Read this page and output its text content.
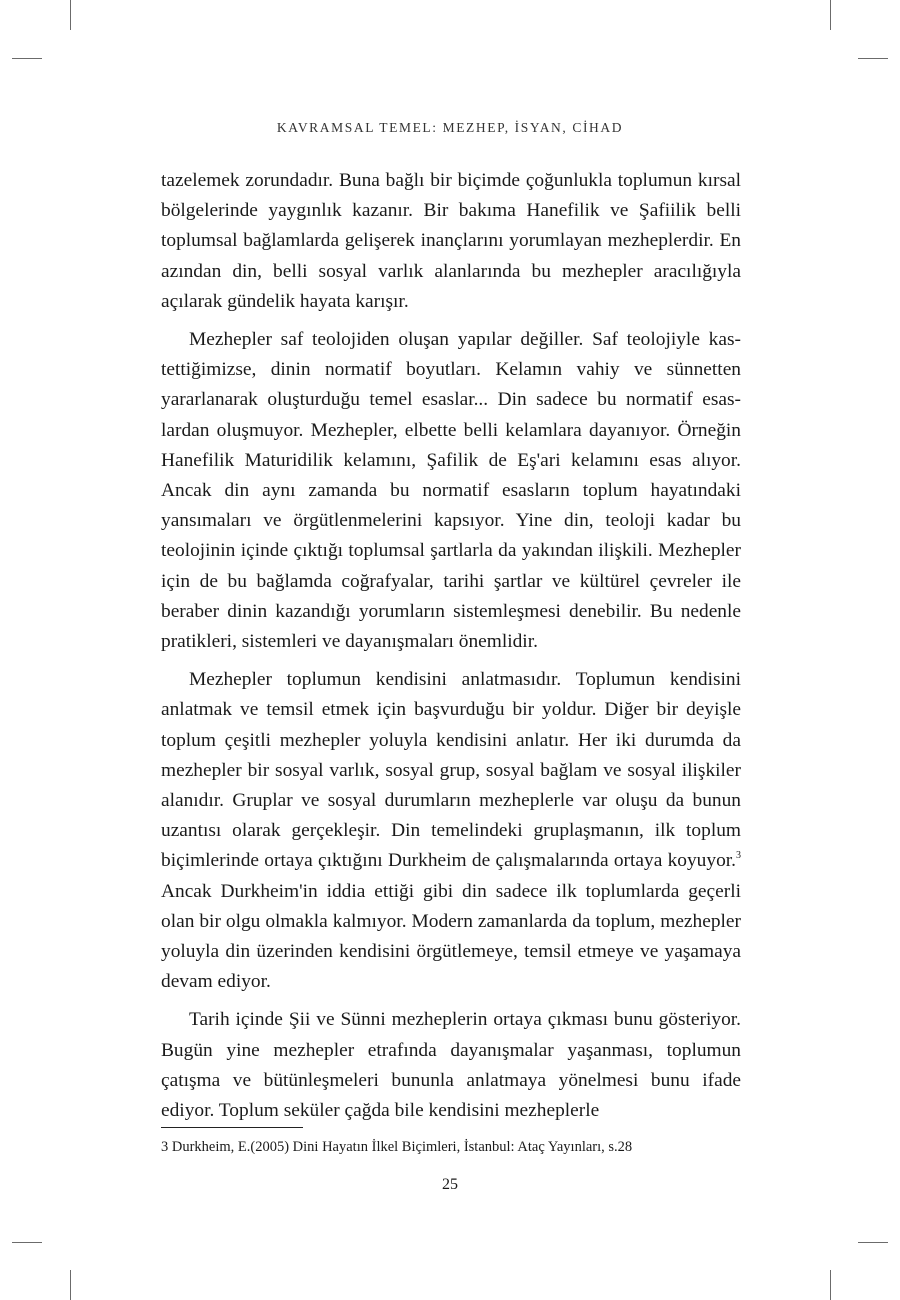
KAVRAMSAL TEMEL: MEZHEP, İSYAN, CİHAD

tazelemek zorundadır. Buna bağlı bir biçimde çoğunlukla toplumun kırsal bölgelerinde yaygınlık kazanır. Bir bakıma Hanefilik ve Şafiilik belli toplumsal bağlamlarda gelişerek inançlarını yorumlayan mezheplerdir. En azından din, belli sosyal varlık alanlarında bu mezhepler aracılığıyla açılarak gündelik hayata karışır.

Mezhepler saf teolojiden oluşan yapılar değiller. Saf teolojiyle kastettiğimizse, dinin normatif boyutları. Kelamın vahiy ve sünnetten yararlanarak oluşturduğu temel esaslar... Din sadece bu normatif esaslardan oluşmuyor. Mezhepler, elbette belli kelamlara dayanıyor. Örneğin Hanefilik Maturidilik kelamını, Şafilik de Eş'ari kelamını esas alıyor. Ancak din aynı zamanda bu normatif esasların toplum hayatındaki yansımaları ve örgütlenmelerini kapsıyor. Yine din, teoloji kadar bu teolojinin içinde çıktığı toplumsal şartlarla da yakından ilişkili. Mezhepler için de bu bağlamda coğrafyalar, tarihi şartlar ve kültürel çevreler ile beraber dinin kazandığı yorumların sistemleşmesi denebilir. Bu nedenle pratikleri, sistemleri ve dayanışmaları önemlidir.

Mezhepler toplumun kendisini anlatmasıdır. Toplumun kendisini anlatmak ve temsil etmek için başvurduğu bir yoldur. Diğer bir deyişle toplum çeşitli mezhepler yoluyla kendisini anlatır. Her iki durumda da mezhepler bir sosyal varlık, sosyal grup, sosyal bağlam ve sosyal ilişkiler alanıdır. Gruplar ve sosyal durumların mezheplerle var oluşu da bunun uzantısı olarak gerçekleşir. Din temelindeki gruplaşmanın, ilk toplum biçimlerinde ortaya çıktığını Durkheim de çalışmalarında ortaya koyuyor.$^3$ Ancak Durkheim'in iddia ettiği gibi din sadece ilk toplumlarda geçerli olan bir olgu olmakla kalmıyor. Modern zamanlarda da toplum, mezhepler yoluyla din üzerinden kendisini örgütlemeye, temsil etmeye ve yaşamaya devam ediyor.

Tarih içinde Şii ve Sünni mezheplerin ortaya çıkması bunu gösteriyor. Bugün yine mezhepler etrafında dayanışmalar yaşanması, toplumun çatışma ve bütünleşmeleri bununla anlatmaya yönelmesi bunu ifade ediyor. Toplum seküler çağda bile kendisini mezheplerle

3 Durkheim, E.(2005) Dini Hayatın İlkel Biçimleri, İstanbul: Ataç Yayınları, s.28
25
